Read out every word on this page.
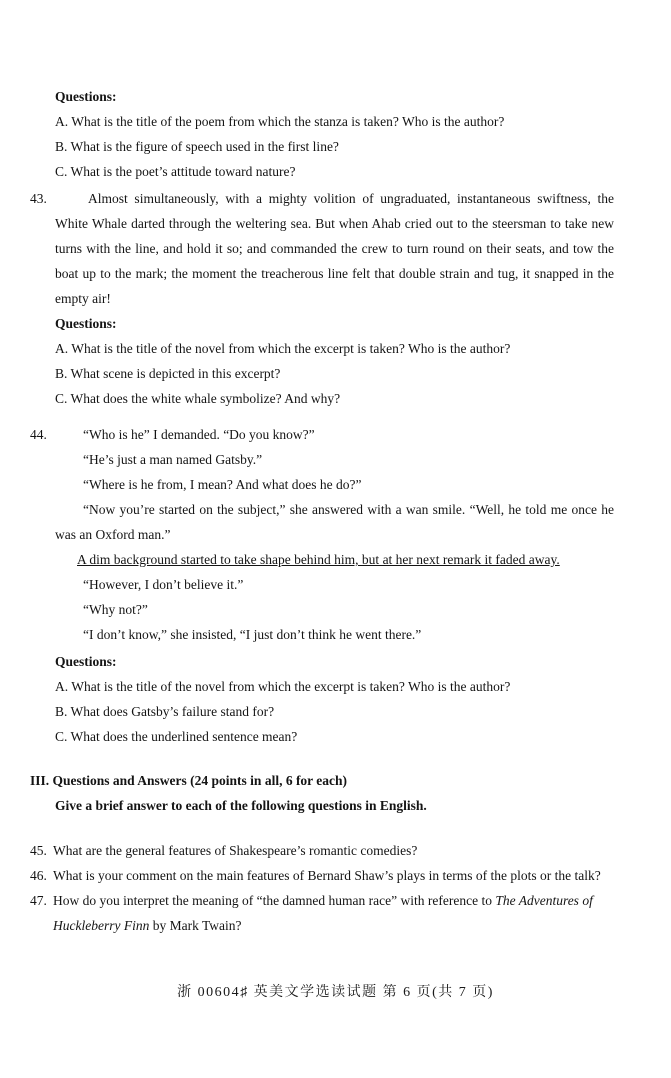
Questions:

A. What is the title of the poem from which the stanza is taken? Who is the author?

B. What is the figure of speech used in the first line?

C. What is the poet’s attitude toward nature?

43.	Almost simultaneously, with a mighty volition of ungraduated, instantaneous swiftness, the White Whale darted through the weltering sea. But when Ahab cried out to the steersman to take new turns with the line, and hold it so; and commanded the crew to turn round on their seats, and tow the boat up to the mark; the moment the treacherous line felt that double strain and tug, it snapped in the empty air!

Questions:

A. What is the title of the novel from which the excerpt is taken? Who is the author?

B. What scene is depicted in this excerpt?

C. What does the white whale symbolize? And why?

44.	“Who is he” I demanded. “Do you know?”

“He’s just a man named Gatsby.”

“Where is he from, I mean? And what does he do?”

“Now you’re started on the subject,” she answered with a wan smile. “Well, he told me once he was an Oxford man.”

A dim background started to take shape behind him, but at her next remark it faded away.

“However, I don’t believe it.”

“Why not?”

“I don’t know,” she insisted, “I just don’t think he went there.”

Questions:

A. What is the title of the novel from which the excerpt is taken? Who is the author?

B. What does Gatsby’s failure stand for?

C. What does the underlined sentence mean?

III. Questions and Answers (24 points in all, 6 for each)

Give a brief answer to each of the following questions in English.

45. What are the general features of Shakespeare’s romantic comedies?

46. What is your comment on the main features of Bernard Shaw’s plays in terms of the plots or the talk?

47. How do you interpret the meaning of “the damned human race” with reference to The Adventures of Huckleberry Finn by Mark Twain?

浙 00604♯ 英美文学选读试题 第 6 页(共 7 页)
